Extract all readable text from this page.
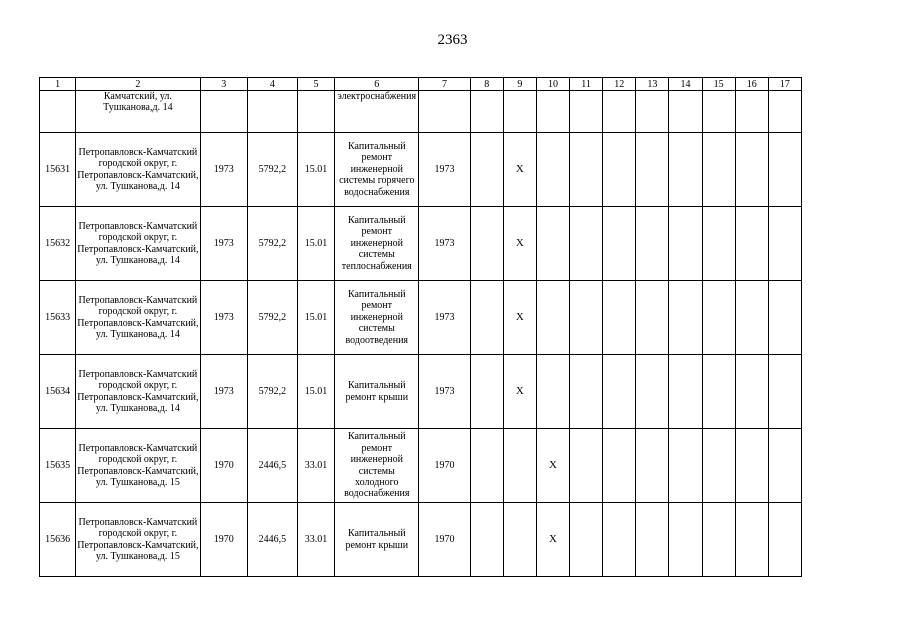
2363
1	2	3	4	5	6	7	8	9	10	11	12	13	14	15	16	17
	Камчатский, ул. Тушканова,д. 14				электроснабжения											
15631	Петропавловск-Камчатский городской округ, г. Петропавловск-Камчатский, ул. Тушканова,д. 14	1973	5792,2	15.01	Капитальный ремонт инженерной системы горячего водоснабжения	1973		X								
15632	Петропавловск-Камчатский городской округ, г. Петропавловск-Камчатский, ул. Тушканова,д. 14	1973	5792,2	15.01	Капитальный ремонт инженерной системы теплоснабжения	1973		X								
15633	Петропавловск-Камчатский городской округ, г. Петропавловск-Камчатский, ул. Тушканова,д. 14	1973	5792,2	15.01	Капитальный ремонт инженерной системы водоотведения	1973		X								
15634	Петропавловск-Камчатский городской округ, г. Петропавловск-Камчатский, ул. Тушканова,д. 14	1973	5792,2	15.01	Капитальный ремонт крыши	1973		X								
15635	Петропавловск-Камчатский городской округ, г. Петропавловск-Камчатский, ул. Тушканова,д. 15	1970	2446,5	33.01	Капитальный ремонт инженерной системы холодного водоснабжения	1970			X							
15636	Петропавловск-Камчатский городской округ, г. Петропавловск-Камчатский, ул. Тушканова,д. 15	1970	2446,5	33.01	Капитальный ремонт крыши	1970			X							
